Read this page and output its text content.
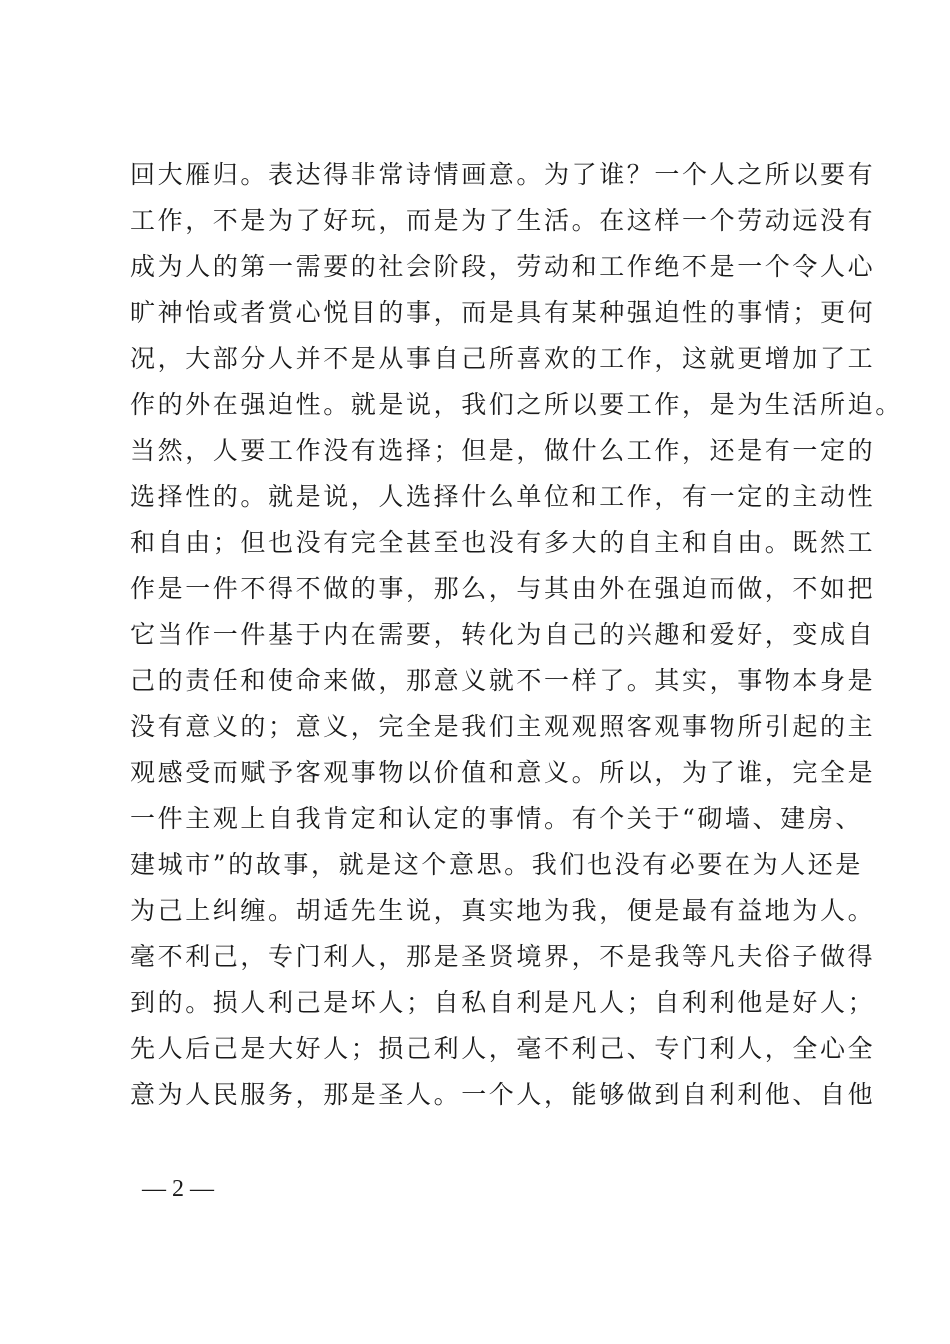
回大雁归。表达得非常诗情画意。为了谁？一个人之所以要有
工作，不是为了好玩，而是为了生活。在这样一个劳动远没有
成为人的第一需要的社会阶段，劳动和工作绝不是一个令人心
旷神怡或者赏心悦目的事，而是具有某种强迫性的事情；更何
况，大部分人并不是从事自己所喜欢的工作，这就更增加了工
作的外在强迫性。就是说，我们之所以要工作，是为生活所迫。
当然，人要工作没有选择；但是，做什么工作，还是有一定的
选择性的。就是说，人选择什么单位和工作，有一定的主动性
和自由；但也没有完全甚至也没有多大的自主和自由。既然工
作是一件不得不做的事，那么，与其由外在强迫而做，不如把
它当作一件基于内在需要，转化为自己的兴趣和爱好，变成自
己的责任和使命来做，那意义就不一样了。其实，事物本身是
没有意义的；意义，完全是我们主观观照客观事物所引起的主
观感受而赋予客观事物以价值和意义。所以，为了谁，完全是
一件主观上自我肯定和认定的事情。有个关于“砌墙、建房、
建城市”的故事，就是这个意思。我们也没有必要在为人还是
为己上纠缠。胡适先生说，真实地为我，便是最有益地为人。
毫不利己，专门利人，那是圣贤境界，不是我等凡夫俗子做得
到的。损人利己是坏人；自私自利是凡人；自利利他是好人；
先人后己是大好人；损己利人，毫不利己、专门利人，全心全
意为人民服务，那是圣人。一个人，能够做到自利利他、自他
— 2 —
